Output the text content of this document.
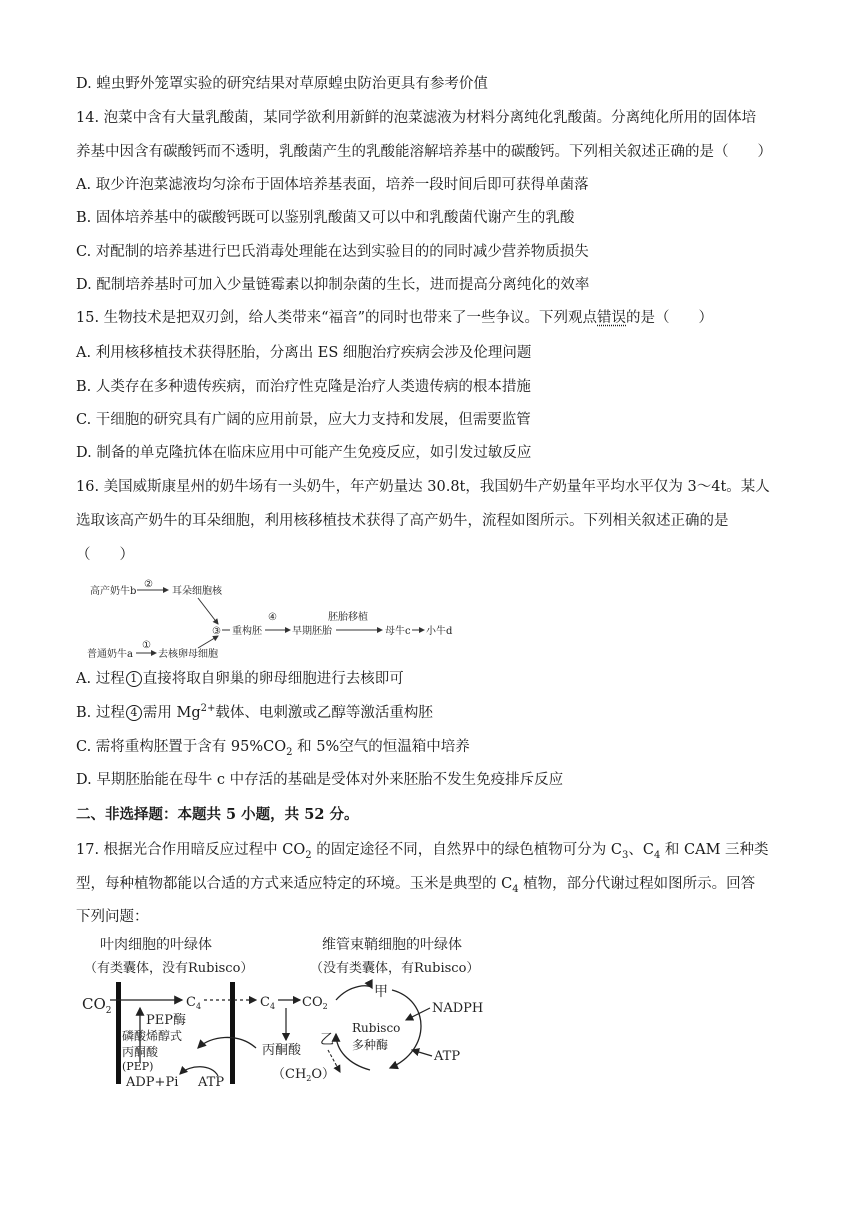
D. 蝗虫野外笼罩实验的研究结果对草原蝗虫防治更具有参考价值
14. 泡菜中含有大量乳酸菌，某同学欲利用新鲜的泡菜滤液为材料分离纯化乳酸菌。分离纯化所用的固体培
养基中因含有碳酸钙而不透明，乳酸菌产生的乳酸能溶解培养基中的碳酸钙。下列相关叙述正确的是（　　）
A. 取少许泡菜滤液均匀涂布于固体培养基表面，培养一段时间后即可获得单菌落
B. 固体培养基中的碳酸钙既可以鉴别乳酸菌又可以中和乳酸菌代谢产生的乳酸
C. 对配制的培养基进行巴氏消毒处理能在达到实验目的的同时减少营养物质损失
D. 配制培养基时可加入少量链霉素以抑制杂菌的生长，进而提高分离纯化的效率
15. 生物技术是把双刃剑，给人类带来“福音”的同时也带来了一些争议。下列观点错误的是（　　）
A. 利用核移植技术获得胚胎，分离出 ES 细胞治疗疾病会涉及伦理问题
B. 人类存在多种遗传疾病，而治疗性克隆是治疗人类遗传病的根本措施
C. 干细胞的研究具有广阔的应用前景，应大力支持和发展，但需要监管
D. 制备的单克隆抗体在临床应用中可能产生免疫反应，如引发过敏反应
16. 美国威斯康星州的奶牛场有一头奶牛，年产奶量达 30.8t，我国奶牛产奶量年平均水平仅为 3～4t。某人
选取该高产奶牛的耳朵细胞，利用核移植技术获得了高产奶牛，流程如图所示。下列相关叙述正确的是
（　　）
高产奶牛b
②
耳朵细胞核
③ 重构胚
④
早期胚胎
胚胎移植
母牛c 小牛d
普通奶牛a
①
去核卵母细胞
A. 过程 1 直接将取自卵巢的卵母细胞进行去核即可
B. 过程 4 需用 $Mg^{2+}$载体、电刺激或乙醇等激活重构胚
C. 需将重构胚置于含有 $95\%CO_2$ 和 5%空气的恒温箱中培养
D. 早期胚胎能在母牛 c 中存活的基础是受体对外来胚胎不发生免疫排斥反应
二、非选择题：本题共 5 小题，共 52 分。
17. 根据光合作用暗反应过程中 $CO_2$ 的固定途径不同，自然界中的绿色植物可分为 $C_3$、$C_4$ 和 CAM 三种类
型，每种植物都能以合适的方式来适应特定的环境。玉米是典型的 $C_4$ 植物，部分代谢过程如图所示。回答
下列问题：
叶肉细胞的叶绿体
（有类囊体，没有Rubisco）
维管束鞘细胞的叶绿体
（没有类囊体，有Rubisco）
$CO_2$
$C_4$	$C_4$ $CO_2$
甲
乙
Rubisco
多种酶
NADPH
ATP
$(CH_2O)$
丙酮酸
PEP酶
磷酸烯醇式
丙酮酸
(PEP)
ADP+Pi ATP
